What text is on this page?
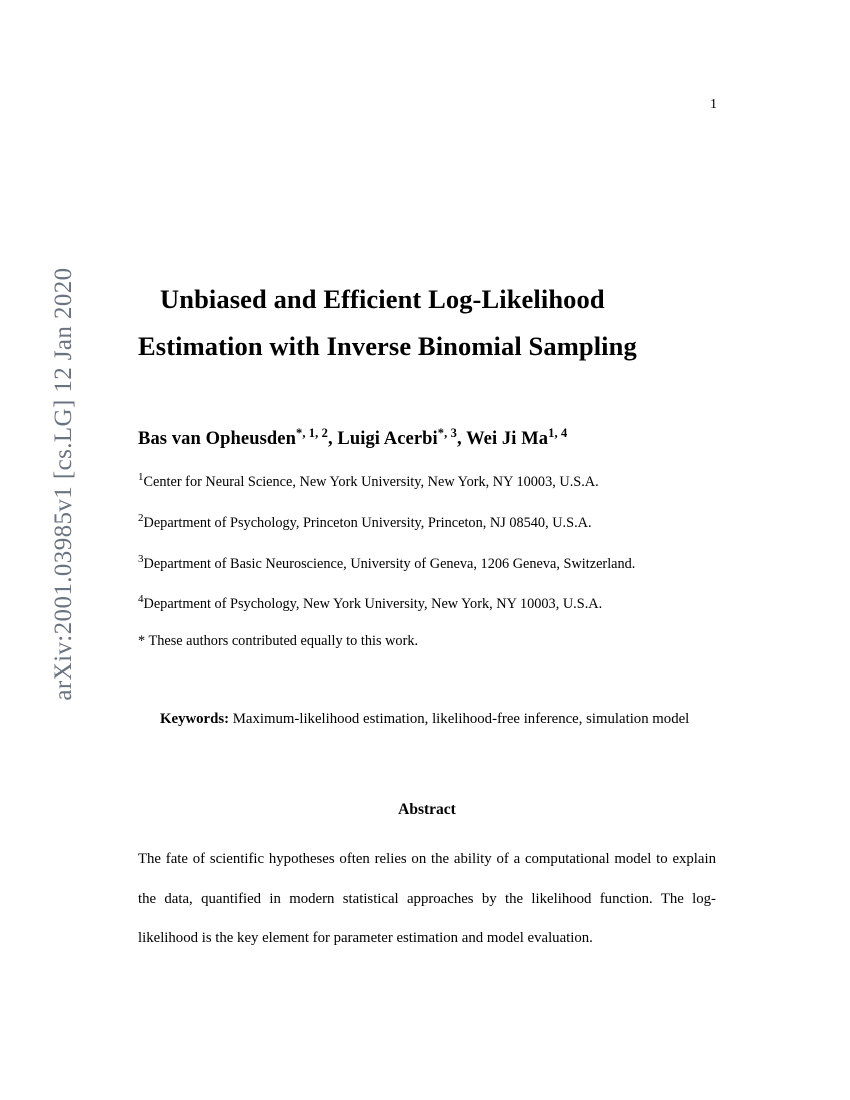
arXiv:2001.03985v1 [cs.LG] 12 Jan 2020
1
Unbiased and Efficient Log-Likelihood Estimation with Inverse Binomial Sampling
Bas van Opheusden$^{*, 1, 2}$, Luigi Acerbi$^{*, 3}$, Wei Ji Ma$^{1, 4}$
$^1$Center for Neural Science, New York University, New York, NY 10003, U.S.A.
$^2$Department of Psychology, Princeton University, Princeton, NJ 08540, U.S.A.
$^3$Department of Basic Neuroscience, University of Geneva, 1206 Geneva, Switzerland.
$^4$Department of Psychology, New York University, New York, NY 10003, U.S.A.
* These authors contributed equally to this work.
Keywords: Maximum-likelihood estimation, likelihood-free inference, simulation model
Abstract
The fate of scientific hypotheses often relies on the ability of a computational model to explain the data, quantified in modern statistical approaches by the likelihood function. The log-likelihood is the key element for parameter estimation and model evaluation.
